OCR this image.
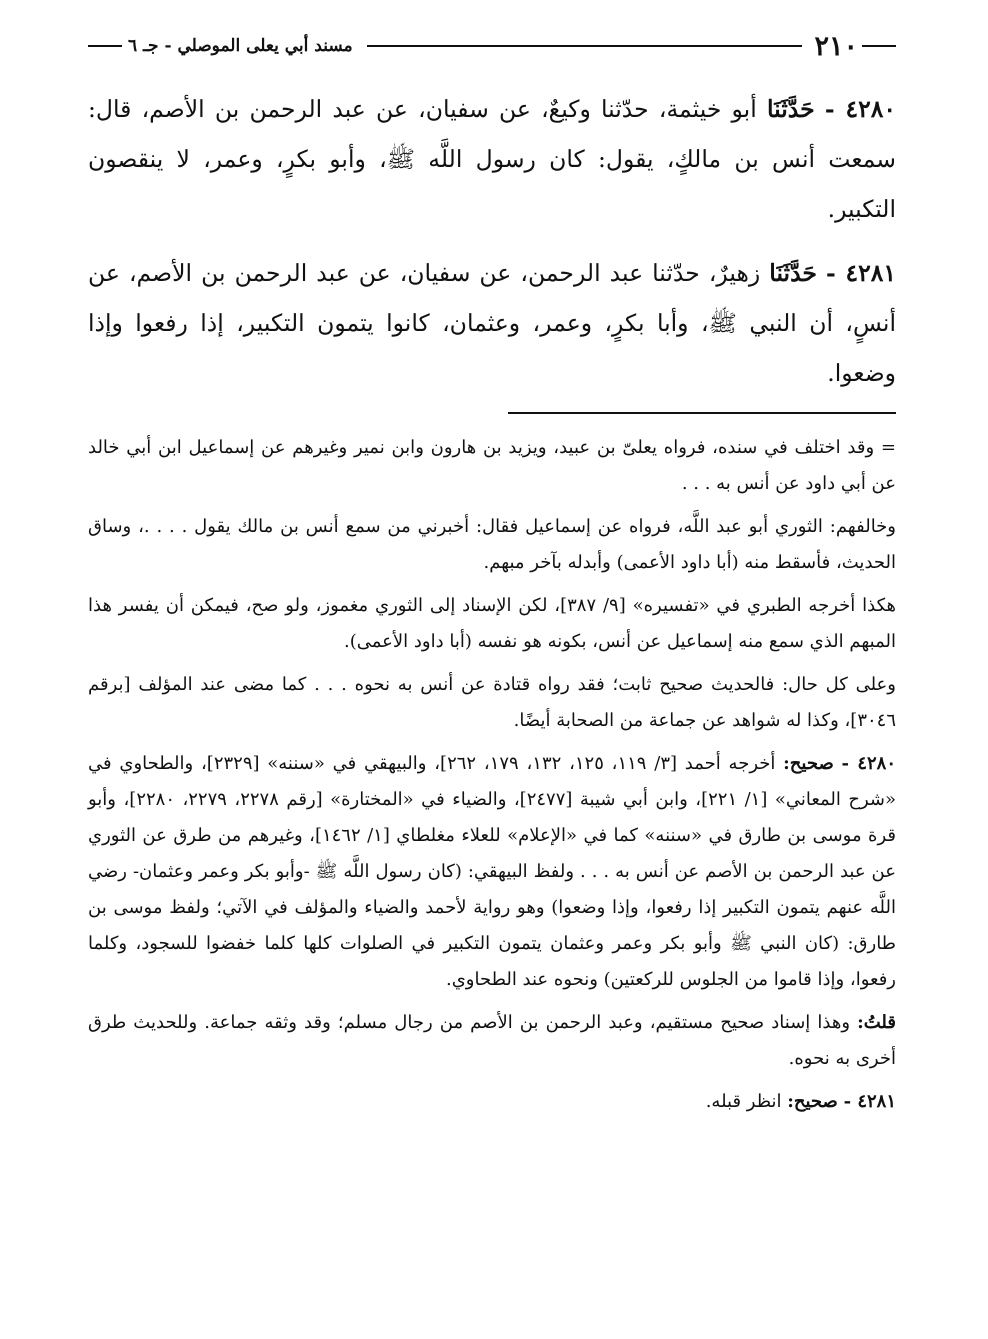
٢١٠
مسند أبي يعلى الموصلي - جـ ٦

٤٢٨٠ - حَدَّثَنَا أبو خيثمة، حدّثنا وكيعٌ، عن سفيان، عن عبد الرحمن بن الأصم، قال: سمعت أنس بن مالكٍ، يقول: كان رسول اللَّه ﷺ، وأبو بكرٍ، وعمر، لا ينقصون التكبير.

٤٢٨١ - حَدَّثَنَا زهيرٌ، حدّثنا عبد الرحمن، عن سفيان، عن عبد الرحمن بن الأصم، عن أنسٍ، أن النبي ﷺ، وأبا بكرٍ، وعمر، وعثمان، كانوا يتمون التكبير، إذا رفعوا وإذا وضعوا.

= وقد اختلف في سنده، فرواه يعلىّ بن عبيد، ويزيد بن هارون وابن نمير وغيرهم عن إسماعيل ابن أبي خالد عن أبي داود عن أنس به . . .

وخالفهم: الثوري أبو عبد اللَّه، فرواه عن إسماعيل فقال: أخبرني من سمع أنس بن مالك يقول . . . .، وساق الحديث، فأسقط منه (أبا داود الأعمى) وأبدله بآخر مبهم.

هكذا أخرجه الطبري في «تفسيره» [٩/ ٣٨٧]، لكن الإسناد إلى الثوري مغموز، ولو صح، فيمكن أن يفسر هذا المبهم الذي سمع منه إسماعيل عن أنس، بكونه هو نفسه (أبا داود الأعمى).

وعلى كل حال: فالحديث صحيح ثابت؛ فقد رواه قتادة عن أنس به نحوه . . . كما مضى عند المؤلف [برقم ٣٠٤٦]، وكذا له شواهد عن جماعة من الصحابة أيضًا.

٤٢٨٠ - صحيح: أخرجه أحمد [٣/ ١١٩، ١٢٥، ١٣٢، ١٧٩، ٢٦٢]، والبيهقي في «سننه» [٢٣٢٩]، والطحاوي في «شرح المعاني» [١/ ٢٢١]، وابن أبي شيبة [٢٤٧٧]، والضياء في «المختارة» [رقم ٢٢٧٨، ٢٢٧٩، ٢٢٨٠]، وأبو قرة موسى بن طارق في «سننه» كما في «الإعلام» للعلاء مغلطاي [١/ ١٤٦٢]، وغيرهم من طرق عن الثوري عن عبد الرحمن بن الأصم عن أنس به . . . ولفظ البيهقي: (كان رسول اللَّه ﷺ -وأبو بكر وعمر وعثمان- رضي اللَّه عنهم يتمون التكبير إذا رفعوا، وإذا وضعوا) وهو رواية لأحمد والضياء والمؤلف في الآتي؛ ولفظ موسى بن طارق: (كان النبي ﷺ وأبو بكر وعمر وعثمان يتمون التكبير في الصلوات كلها كلما خفضوا للسجود، وكلما رفعوا، وإذا قاموا من الجلوس للركعتين) ونحوه عند الطحاوي.

قلتُ: وهذا إسناد صحيح مستقيم، وعبد الرحمن بن الأصم من رجال مسلم؛ وقد وثقه جماعة. وللحديث طرق أخرى به نحوه.

٤٢٨١ - صحيح: انظر قبله.
